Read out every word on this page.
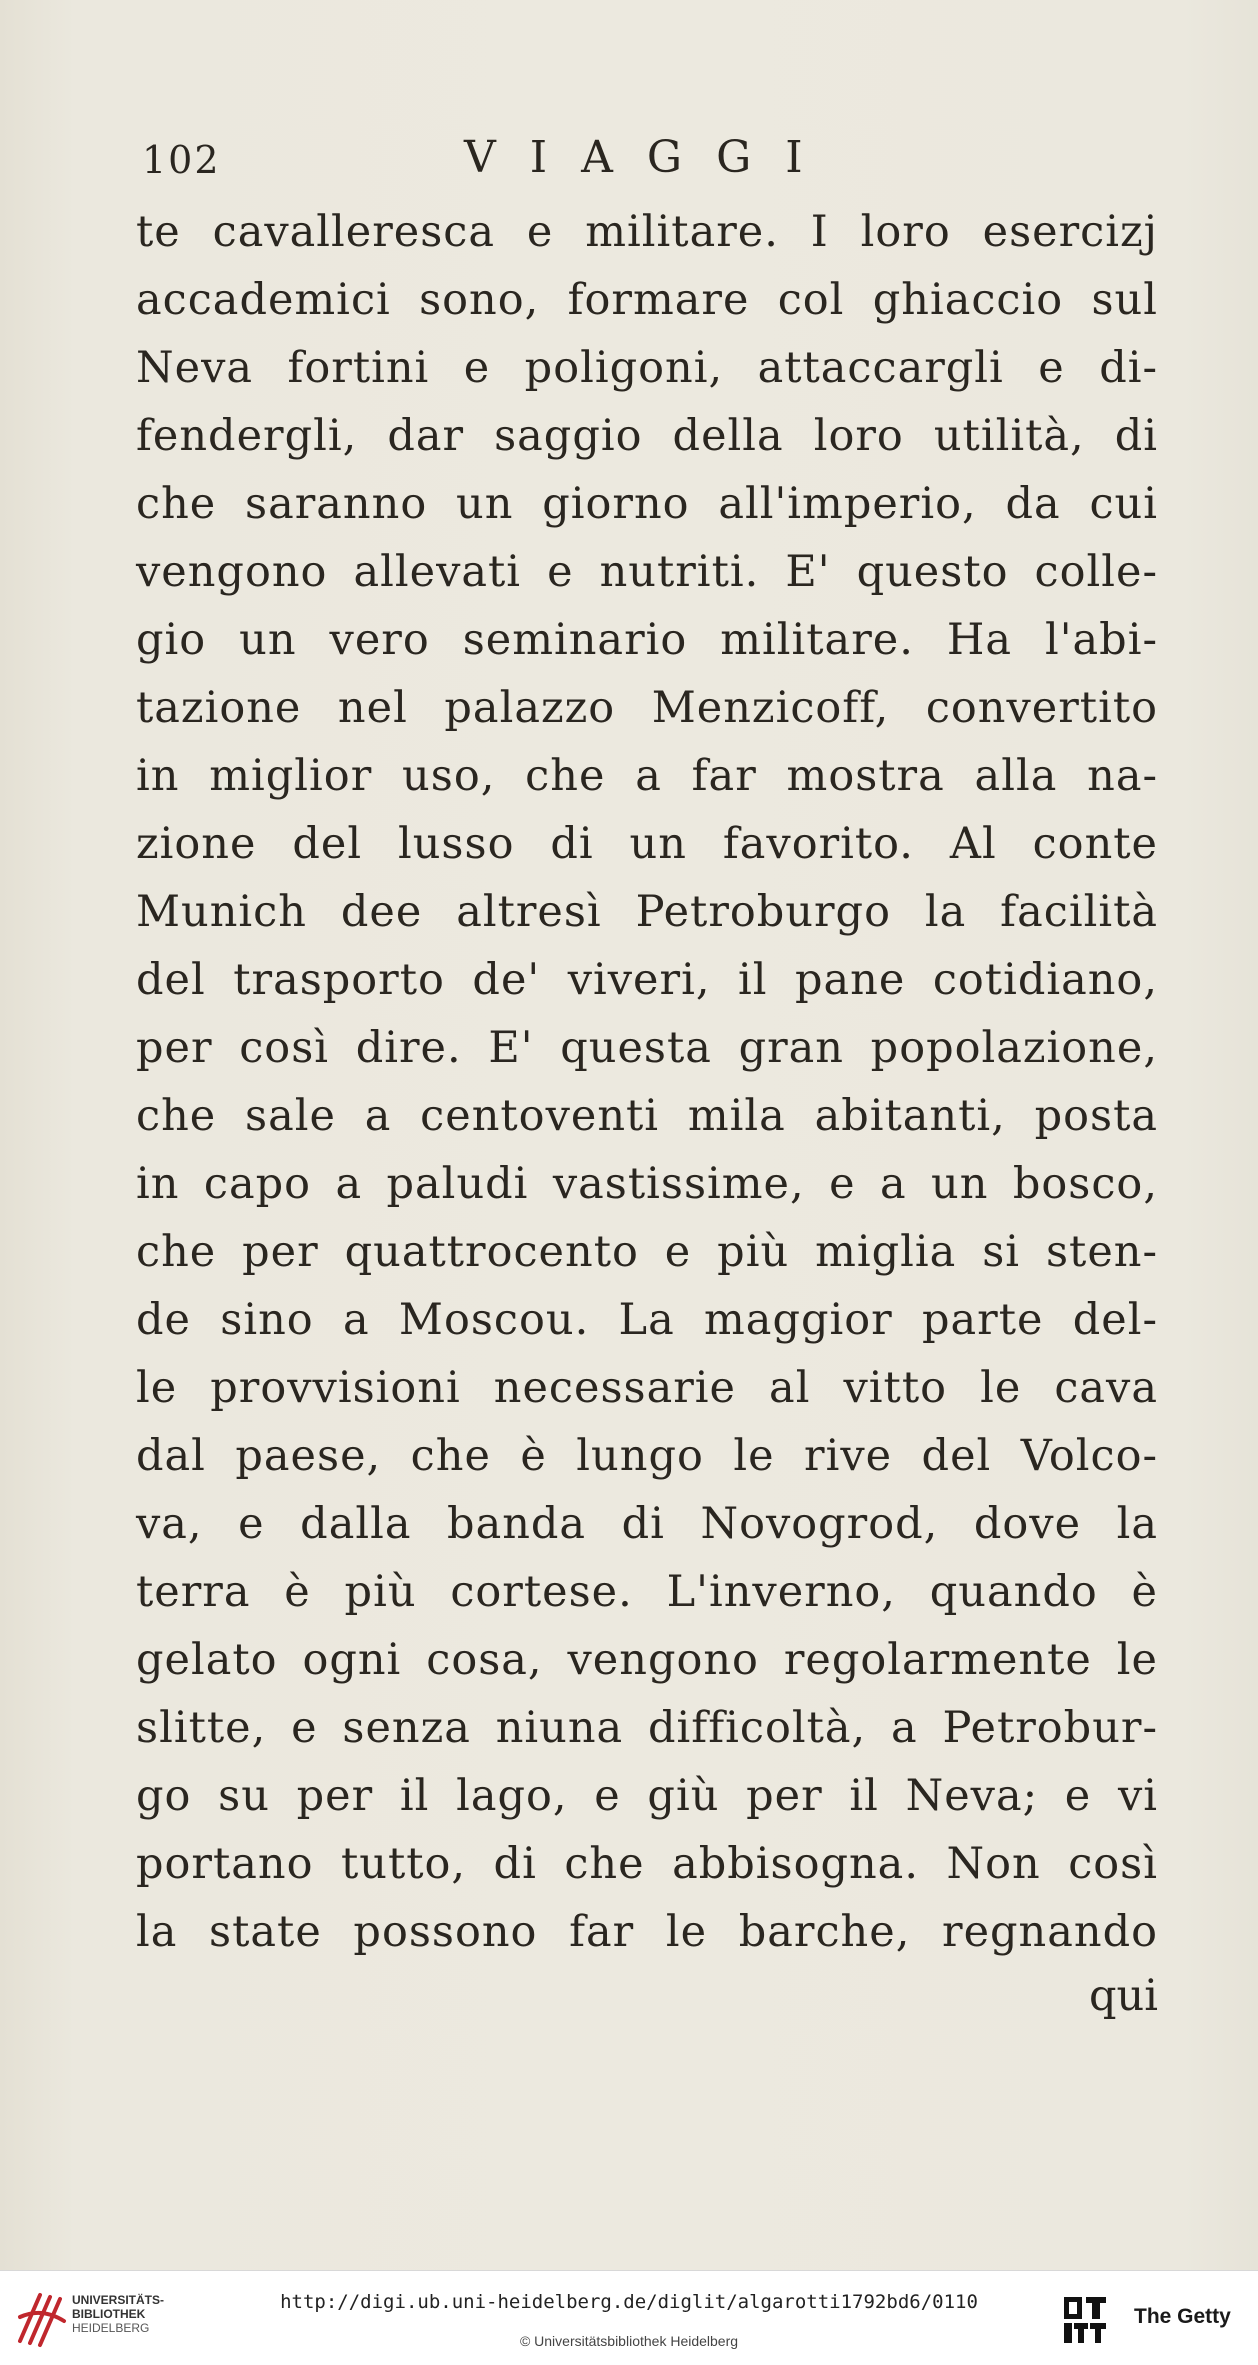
102	VIAGGI
te cavalleresca e militare. I loro esercizj
accademici sono, formare col ghiaccio sul
Neva fortini e poligoni, attaccargli e di-
fendergli, dar saggio della loro utilità, di
che saranno un giorno all'imperio, da cui
vengono allevati e nutriti. E' questo colle-
gio un vero seminario militare. Ha l'abi-
tazione nel palazzo Menzicoff, convertito
in miglior uso, che a far mostra alla na-
zione del lusso di un favorito. Al conte
Munich dee altresì Petroburgo la facilità
del trasporto de' viveri, il pane cotidiano,
per così dire. E' questa gran popolazione,
che sale a centoventi mila abitanti, posta
in capo a paludi vastissime, e a un bosco,
che per quattrocento e più miglia si sten-
de sino a Moscou. La maggior parte del-
le provvisioni necessarie al vitto le cava
dal paese, che è lungo le rive del Volco-
va, e dalla banda di Novogrod, dove la
terra è più cortese. L'inverno, quando è
gelato ogni cosa, vengono regolarmente le
slitte, e senza niuna difficoltà, a Petrobur-
go su per il lago, e giù per il Neva; e vi
portano tutto, di che abbisogna. Non così
la state possono far le barche, regnando
qui
UNIVERSITÄTS-
BIBLIOTHEK
HEIDELBERG
http://digi.ub.uni-heidelberg.de/diglit/algarotti1792bd6/0110
© Universitätsbibliothek Heidelberg
The Getty
